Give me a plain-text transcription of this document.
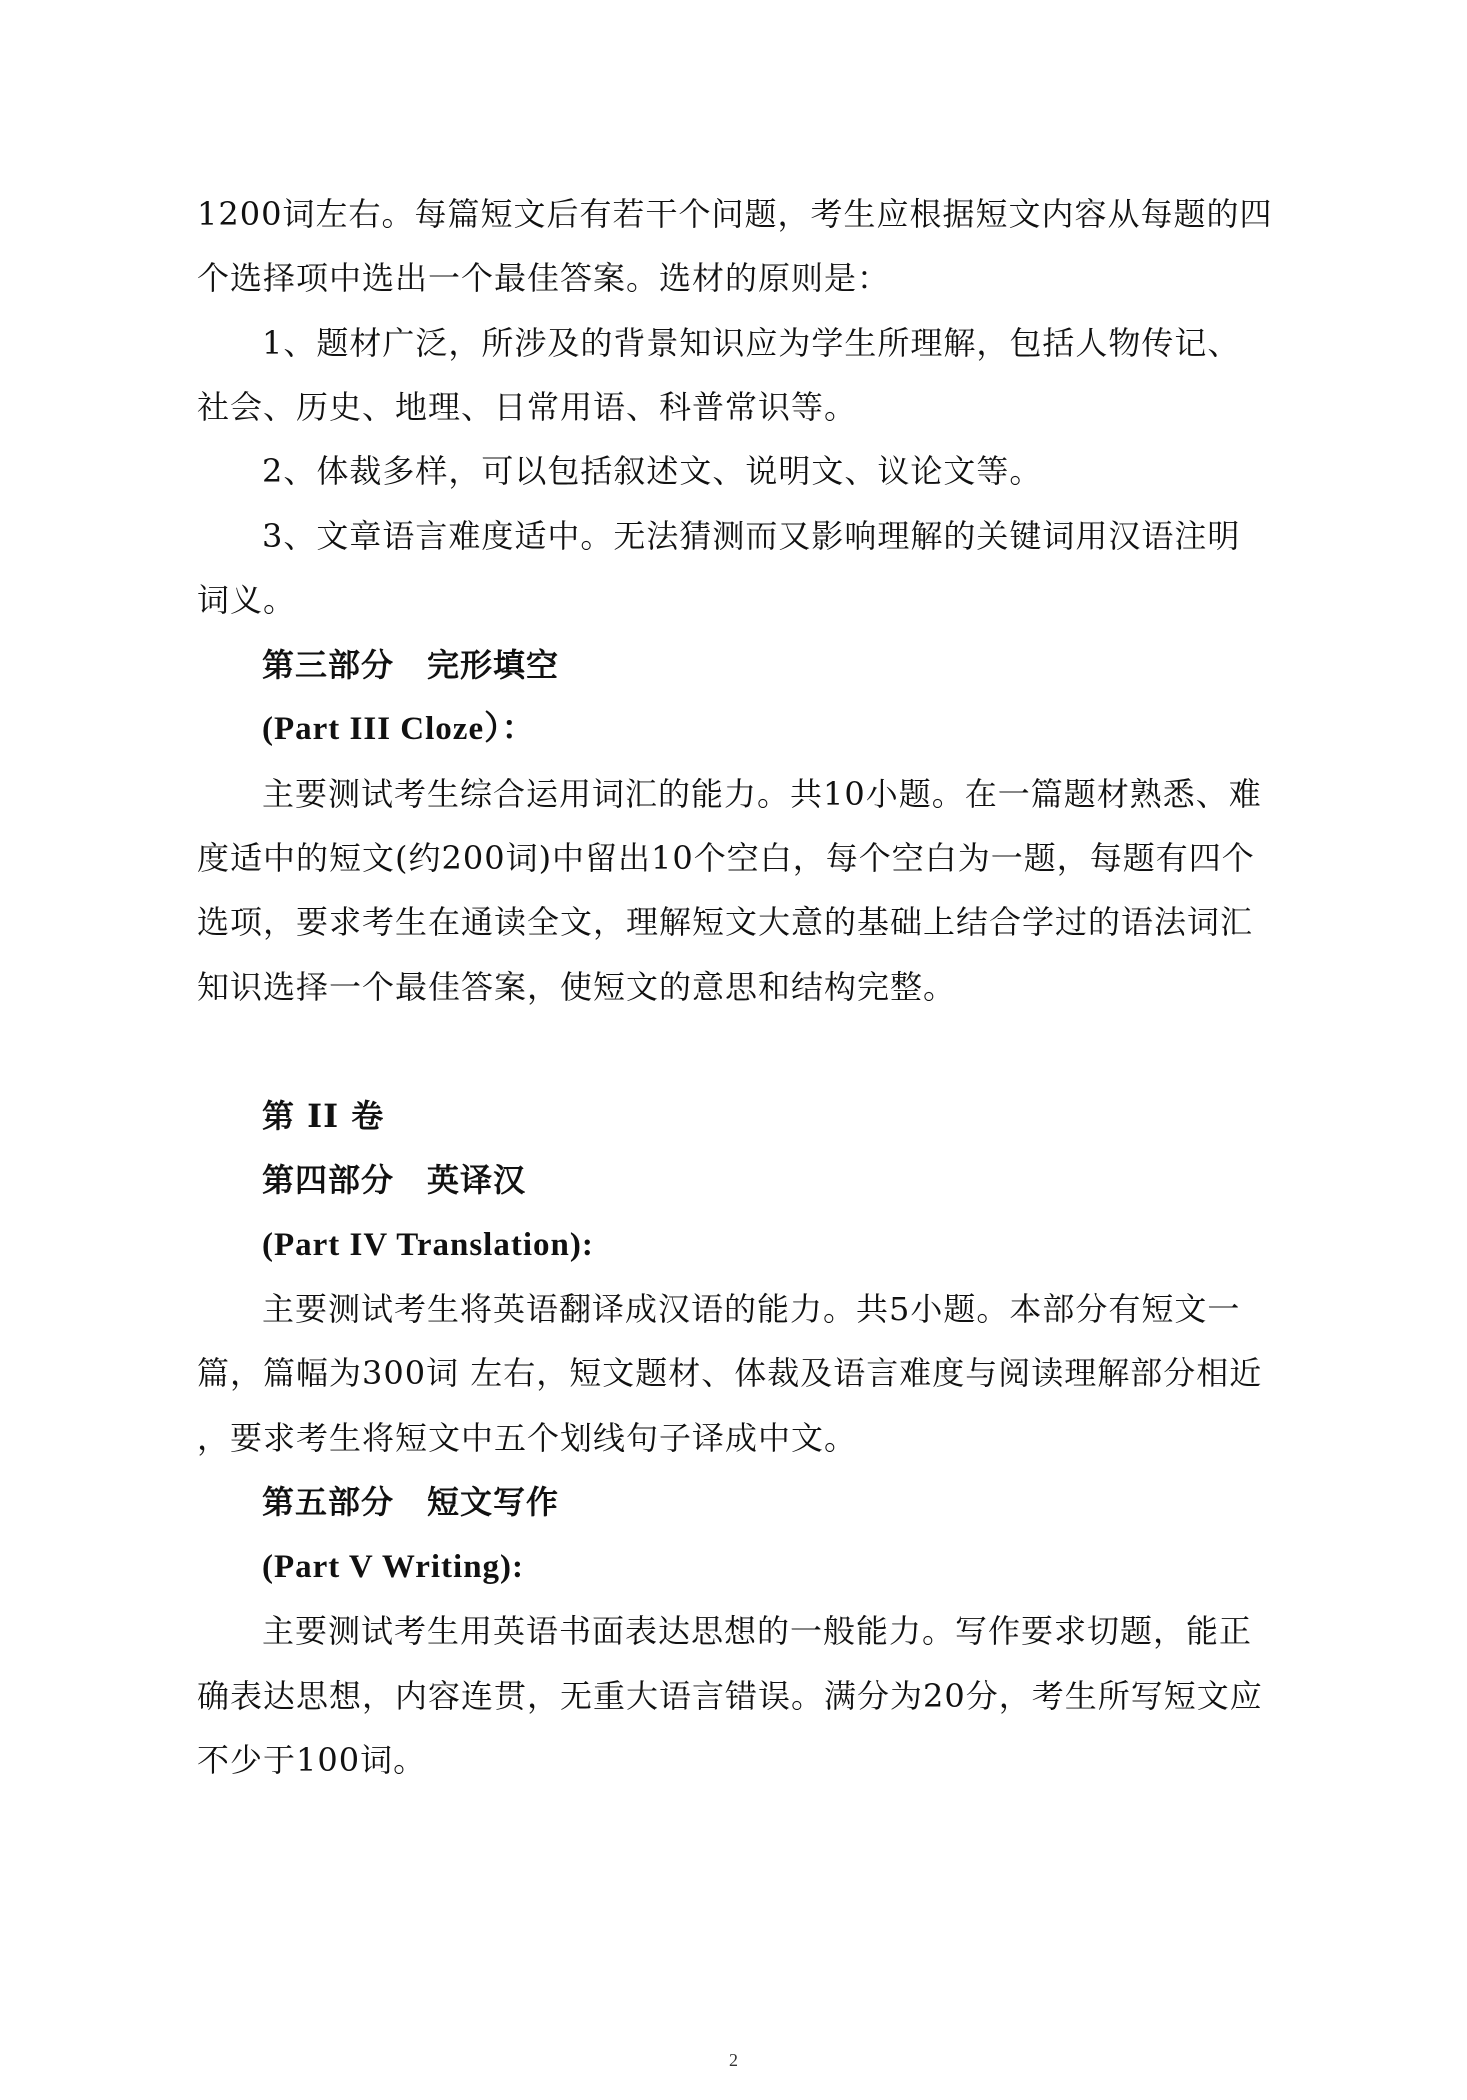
1200词左右。每篇短文后有若干个问题，考生应根据短文内容从每题的四
个选择项中选出一个最佳答案。选材的原则是：
1、题材广泛，所涉及的背景知识应为学生所理解，包括人物传记、
社会、历史、地理、日常用语、科普常识等。
2、体裁多样，可以包括叙述文、说明文、议论文等。
3、文章语言难度适中。无法猜测而又影响理解的关键词用汉语注明
词义。
第三部分　完形填空
(Part III Cloze）：
主要测试考生综合运用词汇的能力。共10小题。在一篇题材熟悉、难
度适中的短文(约200词)中留出10个空白，每个空白为一题，每题有四个
选项，要求考生在通读全文，理解短文大意的基础上结合学过的语法词汇
知识选择一个最佳答案，使短文的意思和结构完整。
第 II 卷
第四部分　英译汉
(Part IV Translation):
主要测试考生将英语翻译成汉语的能力。共5小题。本部分有短文一
篇，篇幅为300词 左右，短文题材、体裁及语言难度与阅读理解部分相近
，要求考生将短文中五个划线句子译成中文。
第五部分　短文写作
(Part V Writing):
主要测试考生用英语书面表达思想的一般能力。写作要求切题，能正
确表达思想，内容连贯，无重大语言错误。满分为20分，考生所写短文应
不少于100词。
2
